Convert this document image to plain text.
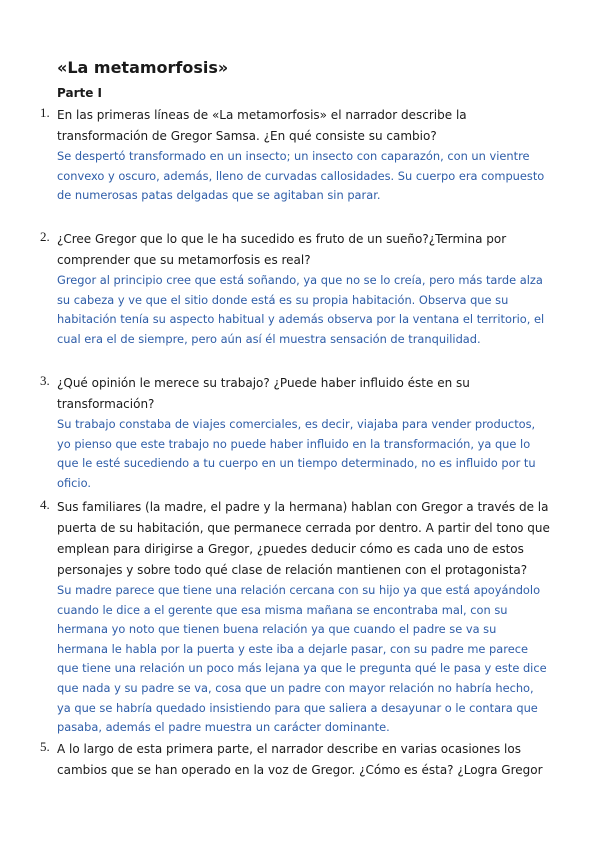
«La metamorfosis»
Parte I
1. En las primeras líneas de «La metamorfosis» el narrador describe la transformación de Gregor Samsa. ¿En qué consiste su cambio?
Se despertó transformado en un insecto; un insecto con caparazón, con un vientre convexo y oscuro, además, lleno de curvadas callosidades. Su cuerpo era compuesto de numerosas patas delgadas que se agitaban sin parar.
2. ¿Cree Gregor que lo que le ha sucedido es fruto de un sueño?¿Termina por comprender que su metamorfosis es real?
Gregor al principio cree que está soñando, ya que no se lo creía, pero más tarde alza su cabeza y ve que el sitio donde está es su propia habitación. Observa que su habitación tenía su aspecto habitual y además observa por la ventana el territorio, el cual era el de siempre, pero aún así él muestra sensación de tranquilidad.
3. ¿Qué opinión le merece su trabajo? ¿Puede haber influido éste en su transformación?
Su trabajo constaba de viajes comerciales, es decir, viajaba para vender productos, yo pienso que este trabajo no puede haber influido en la transformación, ya que lo que le esté sucediendo a tu cuerpo en un tiempo determinado, no es influido por tu oficio.
4. Sus familiares (la madre, el padre y la hermana) hablan con Gregor a través de la puerta de su habitación, que permanece cerrada por dentro. A partir del tono que emplean para dirigirse a Gregor, ¿puedes deducir cómo es cada uno de estos personajes y sobre todo qué clase de relación mantienen con el protagonista?
Su madre parece que tiene una relación cercana con su hijo ya que está apoyándolo cuando le dice a el gerente que esa misma mañana se encontraba mal, con su hermana yo noto que tienen buena relación ya que cuando el padre se va su hermana le habla por la puerta y este iba a dejarle pasar, con su padre me parece que tiene una relación un poco más lejana ya que le pregunta qué le pasa y este dice que nada y su padre se va, cosa que un padre con mayor relación no habría hecho, ya que se habría quedado insistiendo para que saliera a desayunar o le contara que pasaba, además el padre muestra un carácter dominante.
5. A lo largo de esta primera parte, el narrador describe en varias ocasiones los cambios que se han operado en la voz de Gregor. ¿Cómo es ésta? ¿Logra Gregor
